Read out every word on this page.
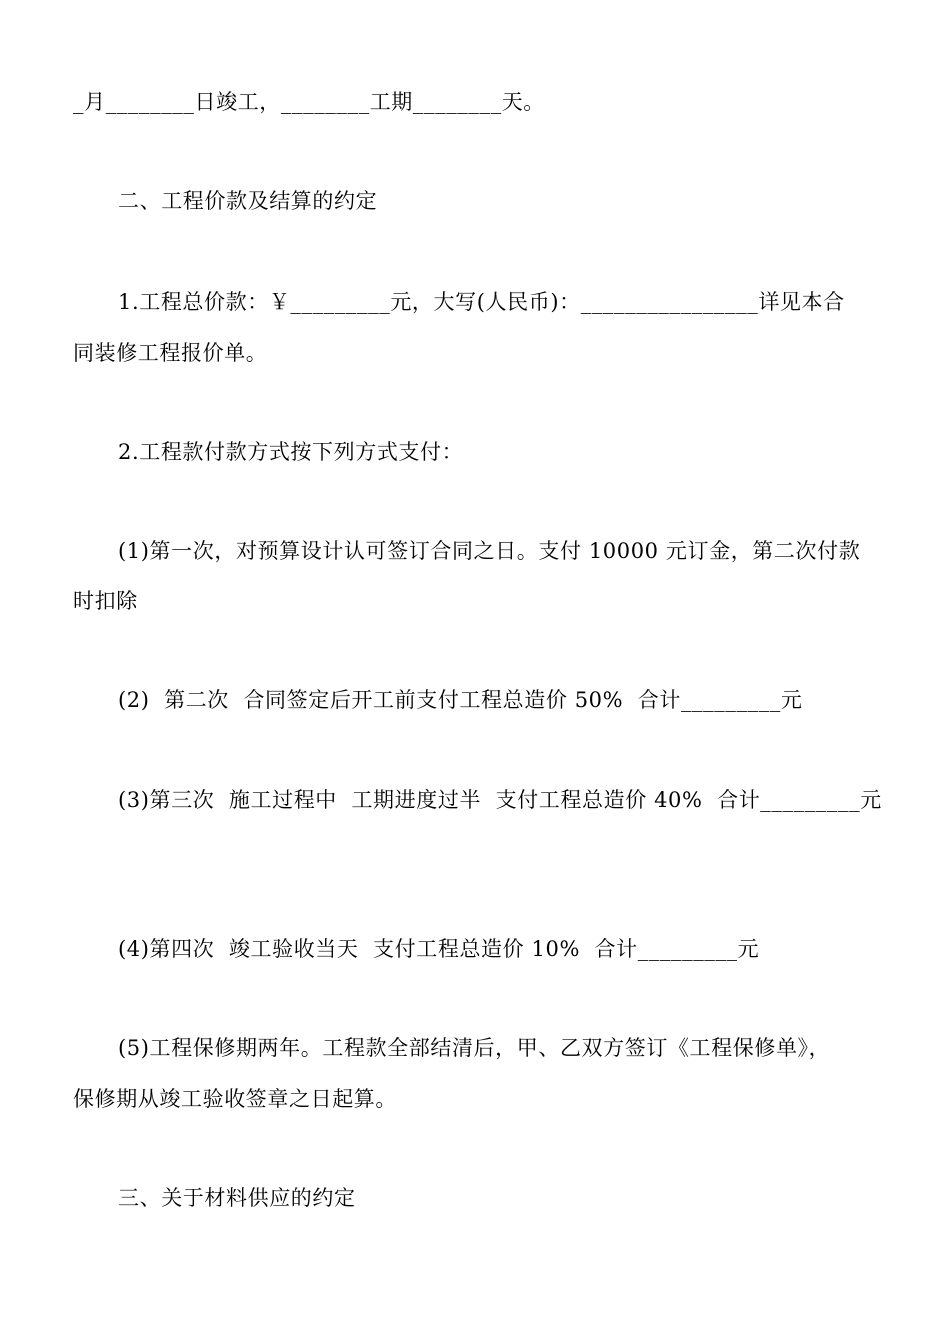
_月________日竣工，________工期________天。
二、工程价款及结算的约定
1.工程总价款：￥_________元，大写(人民币)：________________详见本合
同装修工程报价单。
2.工程款付款方式按下列方式支付：
(1)第一次，对预算设计认可签订合同之日。支付 10000 元订金，第二次付款
时扣除
(2)  第二次  合同签定后开工前支付工程总造价 50%  合计_________元
(3)第三次  施工过程中  工期进度过半  支付工程总造价 40%  合计_________元
(4)第四次  竣工验收当天  支付工程总造价 10%  合计_________元
(5)工程保修期两年。工程款全部结清后，甲、乙双方签订《工程保修单》，
保修期从竣工验收签章之日起算。
三、关于材料供应的约定
